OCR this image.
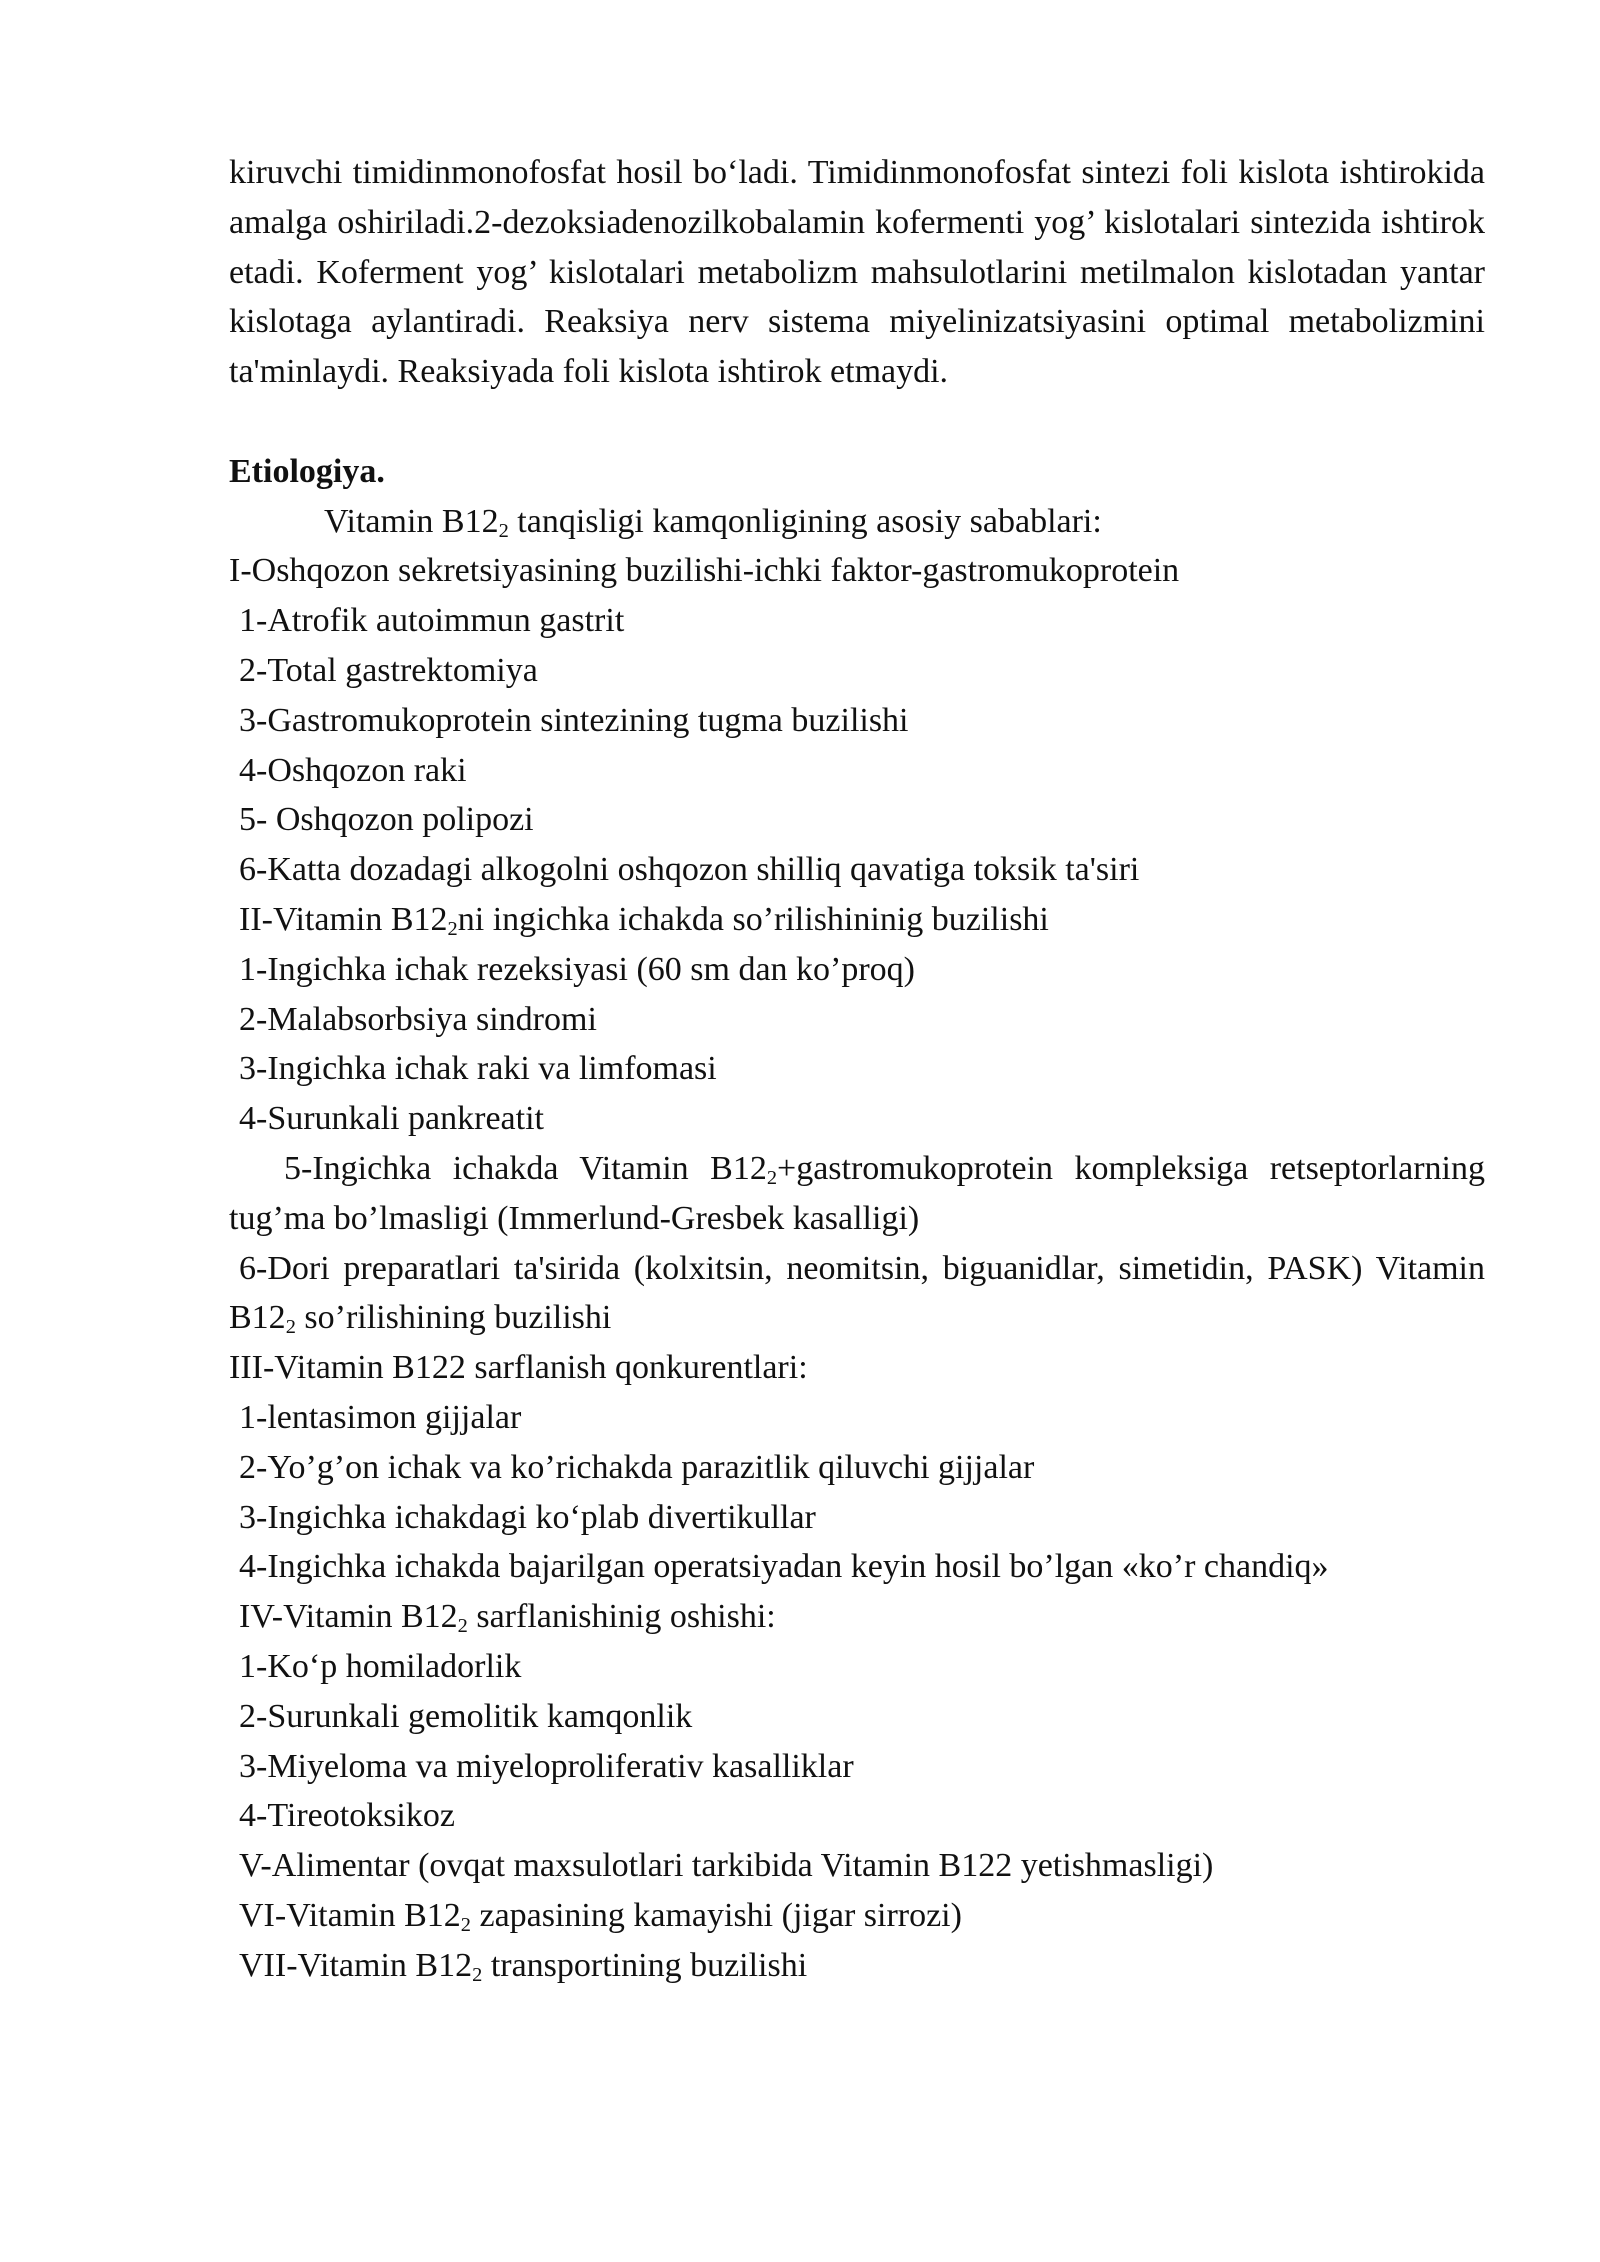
kiruvchi timidinmonofosfat hosil bo‘ladi. Timidinmonofosfat sintezi foli kislota ishtirokida amalga oshiriladi.2-dezoksiadenozilkobalamin kofermenti yog’ kislotalari sintezida ishtirok etadi. Koferment yog’ kislotalari metabolizm mahsulotlarini metilmalon kislotadan yantar kislotaga aylantiradi. Reaksiya nerv sistema miyelinizatsiyasini optimal metabolizmini ta'minlaydi. Reaksiyada foli kislota ishtirok etmaydi.

Etiologiya.

Vitamin $B12_2$ tanqisligi kamqonligining asosiy sabablari:

I-Oshqozon sekretsiyasining buzilishi-ichki faktor-gastromukoprotein

1-Atrofik autoimmun gastrit

2-Total gastrektomiya

3-Gastromukoprotein sintezining tugma buzilishi

4-Oshqozon raki

5- Oshqozon polipozi

6-Katta dozadagi alkogolni oshqozon shilliq qavatiga toksik ta'siri

II-Vitamin $B12_2ni$ ingichka ichakda so’rilishininig buzilishi

1-Ingichka ichak rezeksiyasi (60 sm dan ko’proq)

2-Malabsorbsiya sindromi

3-Ingichka ichak raki va limfomasi

4-Surunkali pankreatit

5-Ingichka ichakda Vitamin $B12_2+gastromukoprotein$ kompleksiga retseptorlarning tug’ma bo’lmasligi (Immerlund-Gresbek kasalligi)

6-Dori preparatlari ta'sirida (kolxitsin, neomitsin, biguanidlar, simetidin, PASK) Vitamin $B12_2$ so’rilishining buzilishi

III-Vitamin B122 sarflanish qonkurentlari:

1-lentasimon gijjalar

2-Yo’g’on ichak va ko’richakda parazitlik qiluvchi gijjalar

3-Ingichka ichakdagi ko‘plab divertikullar

4-Ingichka ichakda bajarilgan operatsiyadan keyin hosil bo’lgan «ko’r chandiq»

IV-Vitamin $B12_2$ sarflanishinig oshishi:

1-Ko‘p homiladorlik

2-Surunkali gemolitik kamqonlik

3-Miyeloma va miyeloproliferativ kasalliklar

4-Tireotoksikoz

V-Alimentar (ovqat maxsulotlari tarkibida Vitamin B122 yetishmasligi)

VI-Vitamin $B12_2$ zapasining kamayishi (jigar sirrozi)

VII-Vitamin $B12_2$ transportining buzilishi
